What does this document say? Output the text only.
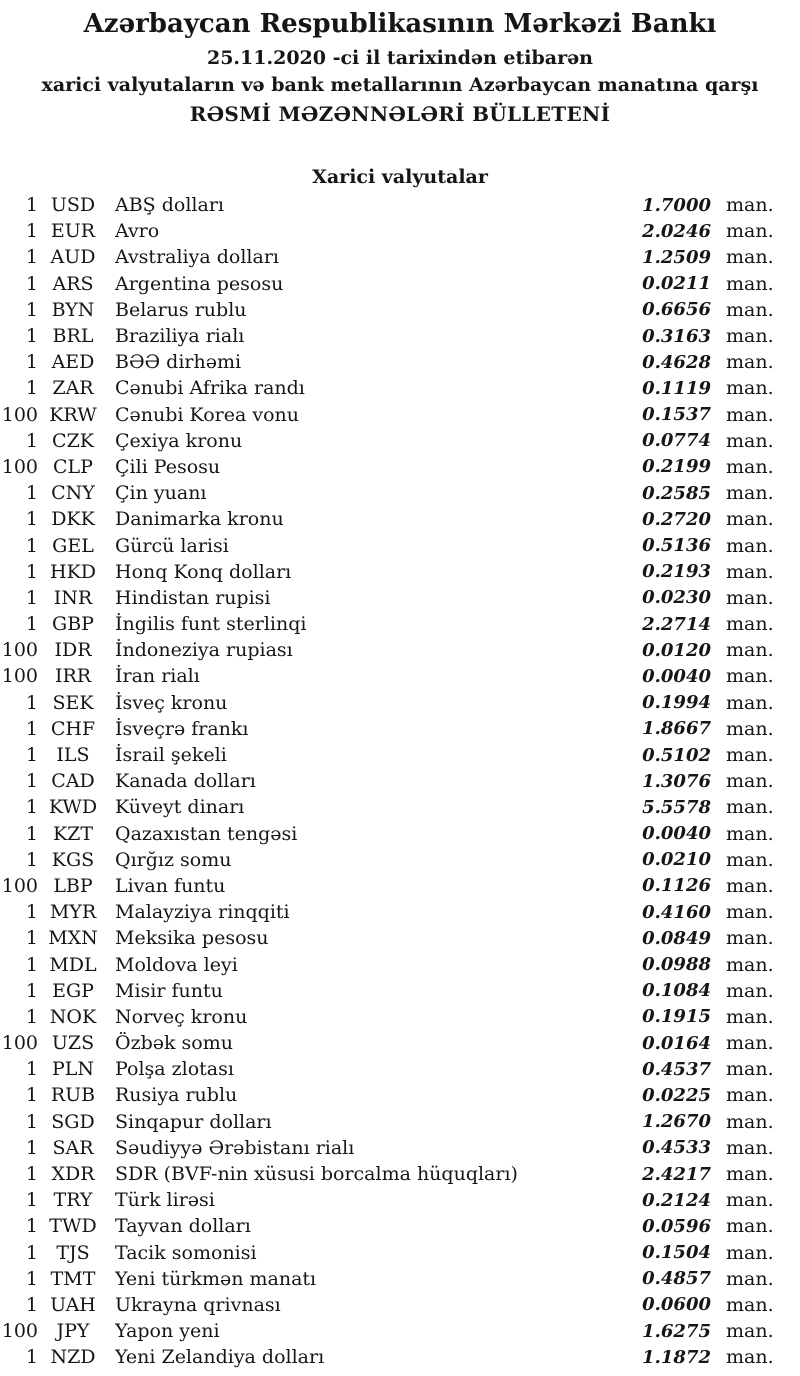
Azərbaycan Respublikasının Mərkəzi Bankı
25.11.2020 -ci il tarixindən etibarən
xarici valyutaların və bank metallarının Azərbaycan manatına qarşı
RƏSMİ MƏZƏNNƏLƏRİ BÜLLETENİ
Xarici valyutalar
1 USD	ABŞ dolları	1.7000 man.
1 EUR	Avro	2.0246 man.
1 AUD	Avstraliya dolları	1.2509 man.
1 ARS	Argentina pesosu	0.0211 man.
1 BYN	Belarus rublu	0.6656 man.
1 BRL	Braziliya rialı	0.3163 man.
1 AED	BƏƏ dirhəmi	0.4628 man.
1 ZAR	Cənubi Afrika randı	0.1119 man.
100 KRW Cənubi Korea vonu	0.1537 man.
1 CZK	Çexiya kronu	0.0774 man.
100 CLP	Çili Pesosu	0.2199 man.
1 CNY	Çin yuanı	0.2585 man.
1 DKK	Danimarka kronu	0.2720 man.
1 GEL	Gürcü larisi	0.5136 man.
1 HKD	Honq Konq dolları	0.2193 man.
1 INR	Hindistan rupisi	0.0230 man.
1 GBP	İngilis funt sterlinqi	2.2714 man.
100 IDR	İndoneziya rupiası	0.0120 man.
100 IRR	İran rialı	0.0040 man.
1 SEK	İsveç kronu	0.1994 man.
1 CHF	İsveçrə frankı	1.8667 man.
1 ILS	İsrail şekeli	0.5102 man.
1 CAD	Kanada dolları	1.3076 man.
1 KWD Küveyt dinarı	5.5578 man.
1 KZT	Qazaxıstan tengəsi	0.0040 man.
1 KGS	Qırğız somu	0.0210 man.
100 LBP	Livan funtu	0.1126 man.
1 MYR Malayziya rinqqiti	0.4160 man.
1 MXN Meksika pesosu	0.0849 man.
1 MDL Moldova leyi	0.0988 man.
1 EGP	Misir funtu	0.1084 man.
1 NOK Norveç kronu	0.1915 man.
100 UZS	Özbək somu	0.0164 man.
1 PLN	Polşa zlotası	0.4537 man.
1 RUB	Rusiya rublu	0.0225 man.
1 SGD	Sinqapur dolları	1.2670 man.
1 SAR	Səudiyyə Ərəbistanı rialı	0.4533 man.
1 XDR	SDR (BVF-nin xüsusi borcalma hüquqları)	2.4217 man.
1 TRY	Türk lirəsi	0.2124 man.
1 TWD Tayvan dolları	0.0596 man.
1 TJS	Tacik somonisi	0.1504 man.
1 TMT	Yeni türkmən manatı	0.4857 man.
1 UAH	Ukrayna qrivnası	0.0600 man.
100 JPY	Yapon yeni	1.6275 man.
1 NZD	Yeni Zelandiya dolları	1.1872 man.
